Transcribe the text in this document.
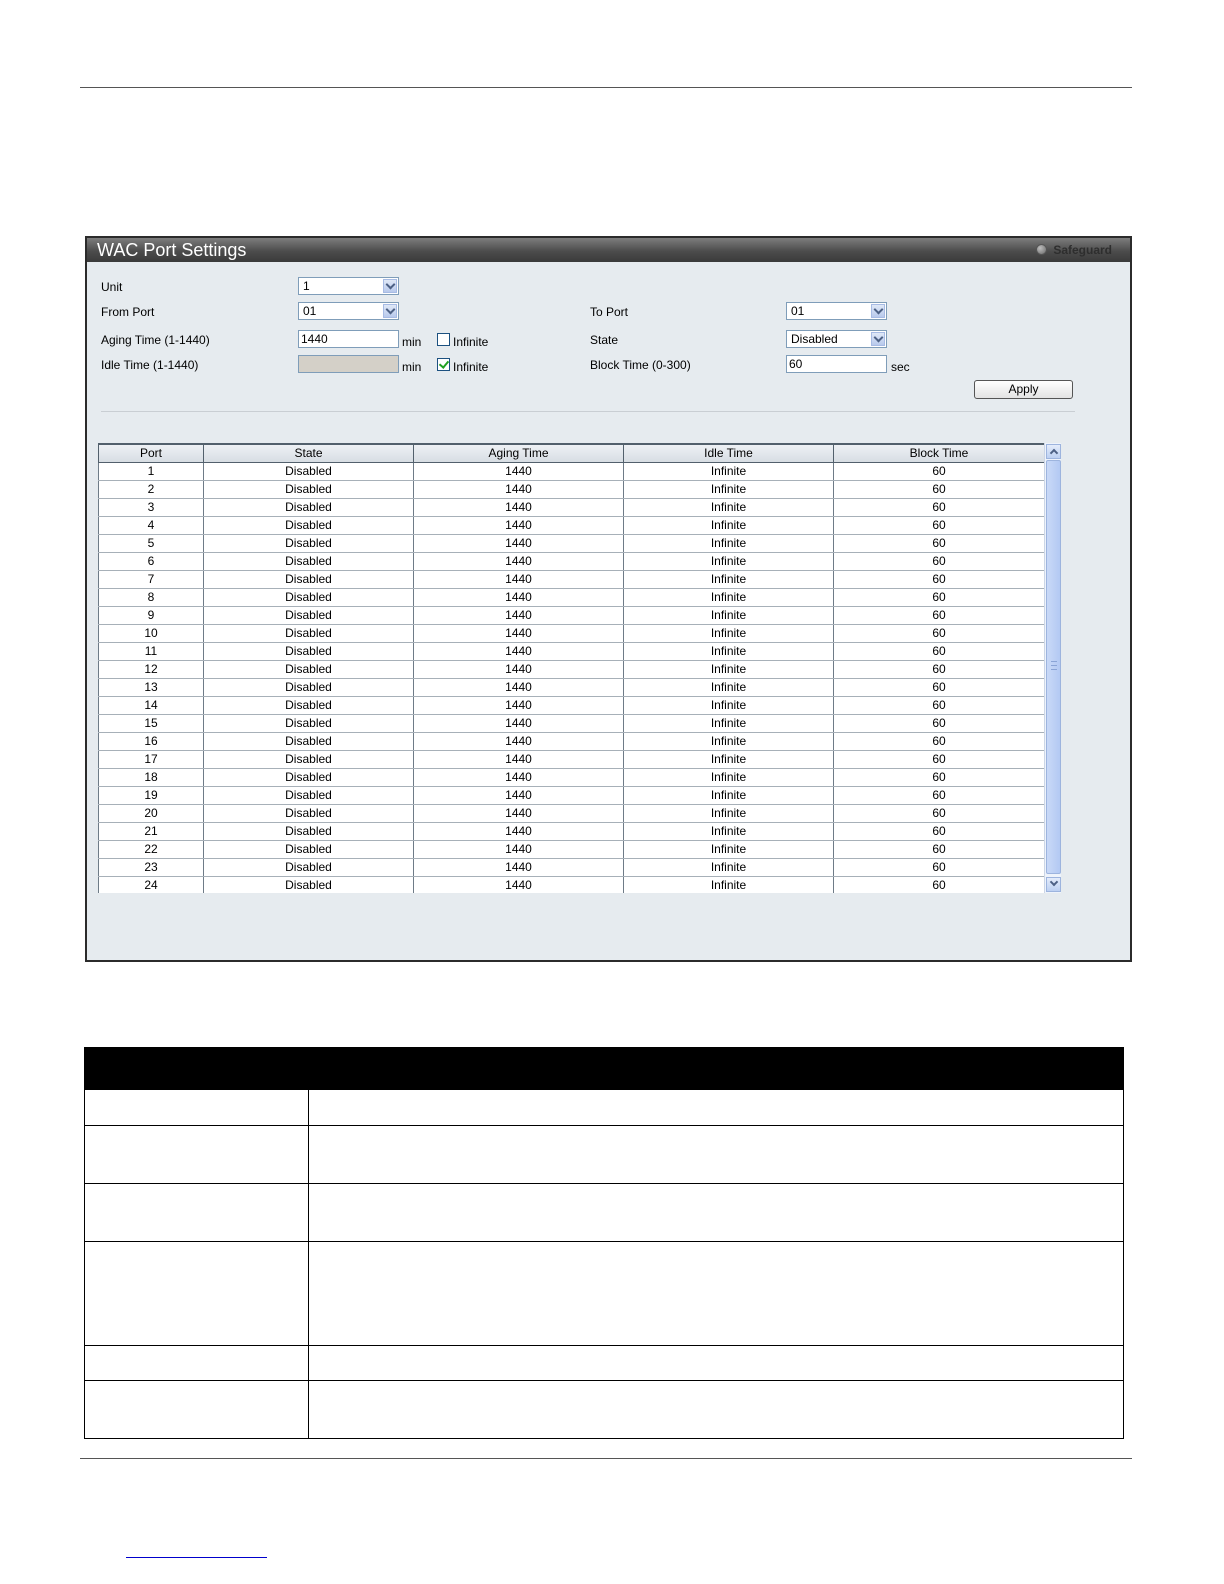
WAC Port Settings	Safeguard
Unit	1
From Port	01	To Port	01
Aging Time (1-1440)	1440	min	Infinite	State	Disabled
Idle Time (1-1440)	min	Infinite	Block Time (0-300)	60	sec
Apply
Port	State	Aging Time	Idle Time	Block Time
1	Disabled	1440	Infinite	60
2	Disabled	1440	Infinite	60
3	Disabled	1440	Infinite	60
4	Disabled	1440	Infinite	60
5	Disabled	1440	Infinite	60
6	Disabled	1440	Infinite	60
7	Disabled	1440	Infinite	60
8	Disabled	1440	Infinite	60
9	Disabled	1440	Infinite	60
10	Disabled	1440	Infinite	60
11	Disabled	1440	Infinite	60
12	Disabled	1440	Infinite	60
13	Disabled	1440	Infinite	60
14	Disabled	1440	Infinite	60
15	Disabled	1440	Infinite	60
16	Disabled	1440	Infinite	60
17	Disabled	1440	Infinite	60
18	Disabled	1440	Infinite	60
19	Disabled	1440	Infinite	60
20	Disabled	1440	Infinite	60
21	Disabled	1440	Infinite	60
22	Disabled	1440	Infinite	60
23	Disabled	1440	Infinite	60
24	Disabled	1440	Infinite	60
